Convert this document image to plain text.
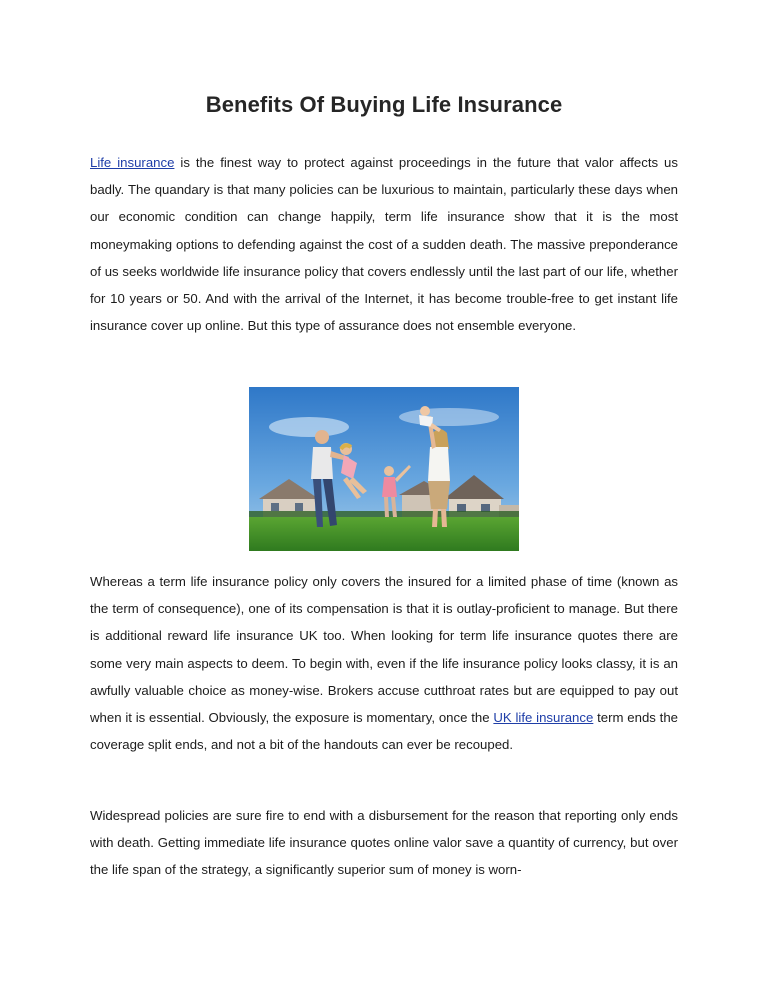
Benefits Of Buying Life Insurance
Life insurance is the finest way to protect against proceedings in the future that valor affects us badly. The quandary is that many policies can be luxurious to maintain, particularly these days when our economic condition can change happily, term life insurance show that it is the most moneymaking options to defending against the cost of a sudden death. The massive preponderance of us seeks worldwide life insurance policy that covers endlessly until the last part of our life, whether for 10 years or 50. And with the arrival of the Internet, it has become trouble-free to get instant life insurance cover up online. But this type of assurance does not ensemble everyone.
Whereas a term life insurance policy only covers the insured for a limited phase of time (known as the term of consequence), one of its compensation is that it is outlay-proficient to manage. But there is additional reward life insurance UK too. When looking for term life insurance quotes there are some very main aspects to deem. To begin with, even if the life insurance policy looks classy, it is an awfully valuable choice as money-wise. Brokers accuse cutthroat rates but are equipped to pay out when it is essential. Obviously, the exposure is momentary, once the UK life insurance term ends the coverage split ends, and not a bit of the handouts can ever be recouped.
Widespread policies are sure fire to end with a disbursement for the reason that reporting only ends with death. Getting immediate life insurance quotes online valor save a quantity of currency, but over the life span of the strategy, a significantly superior sum of money is worn-
